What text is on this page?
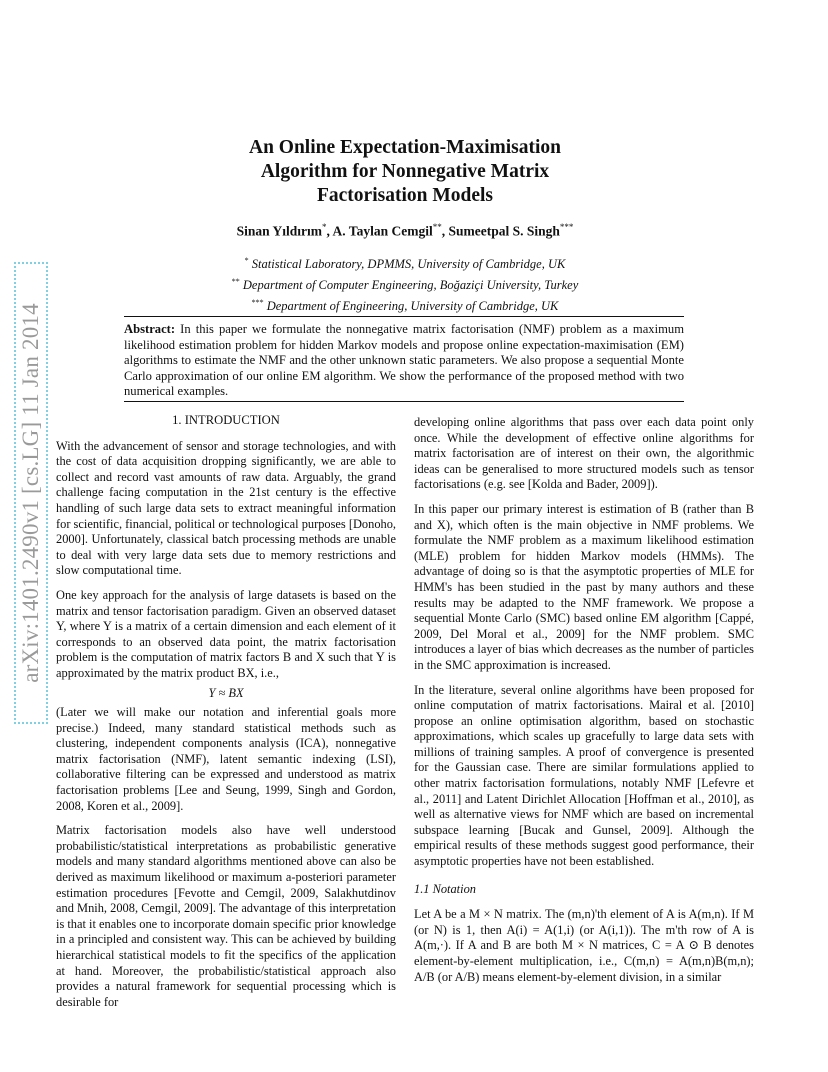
arXiv:1401.2490v1 [cs.LG] 11 Jan 2014
An Online Expectation-Maximisation
Algorithm for Nonnegative Matrix
Factorisation Models
Sinan Yıldırım*, A. Taylan Cemgil**, Sumeetpal S. Singh***
* Statistical Laboratory, DPMMS, University of Cambridge, UK
** Department of Computer Engineering, Boğaziçi University, Turkey
*** Department of Engineering, University of Cambridge, UK
Abstract: In this paper we formulate the nonnegative matrix factorisation (NMF) problem as a maximum likelihood estimation problem for hidden Markov models and propose online expectation-maximisation (EM) algorithms to estimate the NMF and the other unknown static parameters. We also propose a sequential Monte Carlo approximation of our online EM algorithm. We show the performance of the proposed method with two numerical examples.
1. INTRODUCTION

With the advancement of sensor and storage technologies, and with the cost of data acquisition dropping significantly, we are able to collect and record vast amounts of raw data. Arguably, the grand challenge facing computation in the 21st century is the effective handling of such large data sets to extract meaningful information for scientific, financial, political or technological purposes [Donoho, 2000]. Unfortunately, classical batch processing methods are unable to deal with very large data sets due to memory restrictions and slow computational time.

One key approach for the analysis of large datasets is based on the matrix and tensor factorisation paradigm. Given an observed dataset Y, where Y is a matrix of a certain dimension and each element of it corresponds to an observed data point, the matrix factorisation problem is the computation of matrix factors B and X such that Y is approximated by the matrix product BX, i.e.,

Y ≈ BX

(Later we will make our notation and inferential goals more precise.) Indeed, many standard statistical methods such as clustering, independent components analysis (ICA), nonnegative matrix factorisation (NMF), latent semantic indexing (LSI), collaborative filtering can be expressed and understood as matrix factorisation problems [Lee and Seung, 1999, Singh and Gordon, 2008, Koren et al., 2009].

Matrix factorisation models also have well understood probabilistic/statistical interpretations as probabilistic generative models and many standard algorithms mentioned above can also be derived as maximum likelihood or maximum a-posteriori parameter estimation procedures [Fevotte and Cemgil, 2009, Salakhutdinov and Mnih, 2008, Cemgil, 2009]. The advantage of this interpretation is that it enables one to incorporate domain specific prior knowledge in a principled and consistent way. This can be achieved by building hierarchical statistical models to fit the specifics of the application at hand. Moreover, the probabilistic/statistical approach also provides a natural framework for sequential processing which is desirable for

developing online algorithms that pass over each data point only once. While the development of effective online algorithms for matrix factorisation are of interest on their own, the algorithmic ideas can be generalised to more structured models such as tensor factorisations (e.g. see [Kolda and Bader, 2009]).

In this paper our primary interest is estimation of B (rather than B and X), which often is the main objective in NMF problems. We formulate the NMF problem as a maximum likelihood estimation (MLE) problem for hidden Markov models (HMMs). The advantage of doing so is that the asymptotic properties of MLE for HMM's has been studied in the past by many authors and these results may be adapted to the NMF framework. We propose a sequential Monte Carlo (SMC) based online EM algorithm [Cappé, 2009, Del Moral et al., 2009] for the NMF problem. SMC introduces a layer of bias which decreases as the number of particles in the SMC approximation is increased.

In the literature, several online algorithms have been proposed for online computation of matrix factorisations. Mairal et al. [2010] propose an online optimisation algorithm, based on stochastic approximations, which scales up gracefully to large data sets with millions of training samples. A proof of convergence is presented for the Gaussian case. There are similar formulations applied to other matrix factorisation formulations, notably NMF [Lefevre et al., 2011] and Latent Dirichlet Allocation [Hoffman et al., 2010], as well as alternative views for NMF which are based on incremental subspace learning [Bucak and Gunsel, 2009]. Although the empirical results of these methods suggest good performance, their asymptotic properties have not been established.

1.1 Notation

Let A be a M × N matrix. The (m,n)'th element of A is A(m,n). If M (or N) is 1, then A(i) = A(1,i) (or A(i,1)). The m'th row of A is A(m,·). If A and B are both M × N matrices, C = A ⊙ B denotes element-by-element multiplication, i.e., C(m,n) = A(m,n)B(m,n); A/B (or A/B) means element-by-element division, in a similar
